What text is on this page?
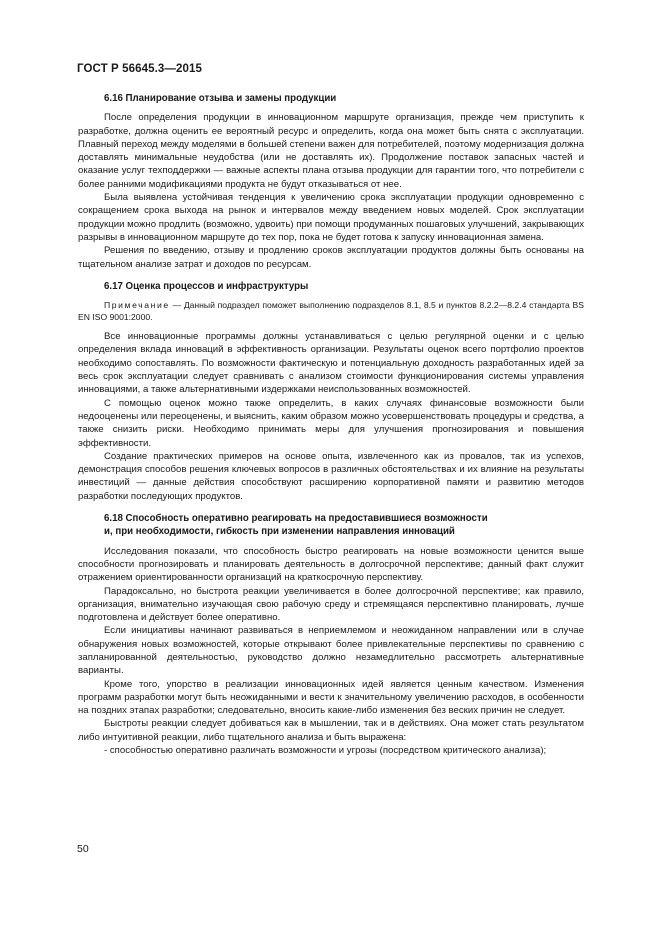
ГОСТ Р 56645.3—2015
6.16 Планирование отзыва и замены продукции

После определения продукции в инновационном маршруте организация, прежде чем приступить к разработке, должна оценить ее вероятный ресурс и определить, когда она может быть снята с эксплуатации. Плавный переход между моделями в большей степени важен для потребителей, поэтому модернизация должна доставлять минимальные неудобства (или не доставлять их). Продолжение поставок запасных частей и оказание услуг техподдержки — важные аспекты плана отзыва продукции для гарантии того, что потребители с более ранними модификациями продукта не будут отказываться от нее.

Была выявлена устойчивая тенденция к увеличению срока эксплуатации продукции одновременно с сокращением срока выхода на рынок и интервалов между введением новых моделей. Срок эксплуатации продукции можно продлить (возможно, удвоить) при помощи продуманных пошаговых улучшений, закрывающих разрывы в инновационном маршруте до тех пор, пока не будет готова к запуску инновационная замена.

Решения по введению, отзыву и продлению сроков эксплуатации продуктов должны быть основаны на тщательном анализе затрат и доходов по ресурсам.

6.17 Оценка процессов и инфраструктуры
Примечание — Данный подраздел поможет выполнению подразделов 8.1, 8.5 и пунктов 8.2.2—8.2.4 стандарта BS EN ISO 9001:2000.

Все инновационные программы должны устанавливаться с целью регулярной оценки и с целью определения вклада инноваций в эффективность организации. Результаты оценок всего портфолио проектов необходимо сопоставлять. По возможности фактическую и потенциальную доходность разработанных идей за весь срок эксплуатации следует сравнивать с анализом стоимости функционирования системы управления инновациями, а также альтернативными издержками неиспользованных возможностей.

С помощью оценок можно также определить, в каких случаях финансовые возможности были недооценены или переоценены, и выяснить, каким образом можно усовершенствовать процедуры и средства, а также снизить риски. Необходимо принимать меры для улучшения прогнозирования и повышения эффективности.

Создание практических примеров на основе опыта, извлеченного как из провалов, так из успехов, демонстрация способов решения ключевых вопросов в различных обстоятельствах и их влияние на результаты инвестиций — данные действия способствуют расширению корпоративной памяти и развитию методов разработки последующих продуктов.

6.18 Способность оперативно реагировать на предоставившиеся возможности
и, при необходимости, гибкость при изменении направления инноваций

Исследования показали, что способность быстро реагировать на новые возможности ценится выше способности прогнозировать и планировать деятельность в долгосрочной перспективе; данный факт служит отражением ориентированности организаций на краткосрочную перспективу.

Парадоксально, но быстрота реакции увеличивается в более долгосрочной перспективе; как правило, организация, внимательно изучающая свою рабочую среду и стремящаяся перспективно планировать, лучше подготовлена и действует более оперативно.

Если инициативы начинают развиваться в неприемлемом и неожиданном направлении или в случае обнаружения новых возможностей, которые открывают более привлекательные перспективы по сравнению с запланированной деятельностью, руководство должно незамедлительно рассмотреть альтернативные варианты.

Кроме того, упорство в реализации инновационных идей является ценным качеством. Изменения программ разработки могут быть неожиданными и вести к значительному увеличению расходов, в особенности на поздних этапах разработки; следовательно, вносить какие-либо изменения без веских причин не следует.

Быстроты реакции следует добиваться как в мышлении, так и в действиях. Она может стать результатом либо интуитивной реакции, либо тщательного анализа и быть выражена:

- способностью оперативно различать возможности и угрозы (посредством критического анализа);

50
